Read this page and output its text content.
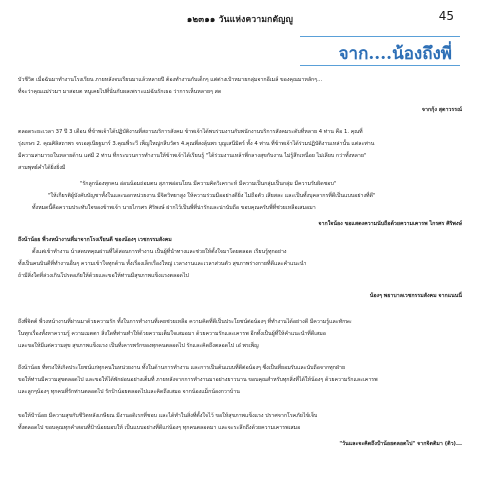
๑๒๓๑๑ วันแห่งความกตัญญู	45
จาก....น้องถึงพี่
บัวชีวิต เมื่อฉันมาทำงานโรงเรียน ภายหลังจบเรียนมาแล้วหลายปี ต้องทำงานกับเด็กๆ แต่ต่างเป้าหมายกลุ่มจากอีเมล์ ของคุณมาหลักๆ...
ที่จะว่าคุณแม่ร่วมฯ มาสอบต หนูเคยไปที่นั่นกับผลเพราะแม่ฉันรักเธอ ว่าการเห็นหลายๆ สด
จากกุ้ง สุดาวรรณ์
ตลอดระยะเวลา 37 ปี 3 เดือน ที่ข้าพเจ้าได้ปฏิบัติงานที่สถานบริการสังคม ข้าพเจ้าได้พบร่วมงานกับพนักงานบริการสังคมระดับที่หลาย 4 ท่าน คือ 1. คุณที่
รุ่งเกษร 2. คุณศิลิสถาพร จรเอสุเนียฐมาร์ 3.คุณพี่ระวี เพ็ญใหญ่กลีบวัตร 4.คุณพี่สงลุ้นพร บุญเสนีมิตร์ ทั้ง 4 ท่าน ที่ข้าพเจ้าได้ร่วมปฏิบัติงานเหล่านั้น แต่ละท่าน
มีความสามารถในหลายด้าน แต่มี 2 ท่าน ที่กระบวนการทำงานให้ข้าพเจ้าได้เรียนรู้ "ได้ร่วมงานเหล้าพี่กลางสุขกับงาน ไม่รู้สึกเหนื่อย ไม่เลียบ กว่าทั้งหลาย"
สามพุทธ์คำได้ยิ่งยิ่งมี
"รักลูกน้องทุกคน อ่อนน้อมถ่อมตน สุภาพอ่อนโยน มีความคิดวิเคราะห์ มีความเป็นกลุ่มเป็นกลุ่ม มีความรับผิดชอบ"
"ให้เกียรติผู้บังคับบัญชาทั้งในและนอกหน่วยงาน มีจิตวิทยาสูง ให้ความร่วมมืออย่างดียิ่ง ไม่ถือตัว เสียสละ และเป็นทั้งบุคลากรที่ดีเป็นแบบอย่างที่ดี"
ทั้งหมดนี้คือความประทับใจของข้าพเจ้า นายไกรศร ศิริพงษ์ ฝากไว้เป็นพี่ที่น่ารักและน่านับถือ ขอบคุณครับพี่ที่ช่วยเหลือเสมอมา
จากใจน้อง ขอแสดงความนับถือด้วยความเคารพ ไกรศร ศิริพงษ์
ถึงน้าน้อย พี่วงหน้างานที่มาจากโรงเรียนดี ของน้องๆ เวชกรรมสังคม
ตั้งแต่เข้าทำงาน น้าสดบทคุณผ่านที่ได้สอนการทำงาน เป็นผู้ที่นำทางและช่วยให้ตั้งใจมาโดยตลอด เรียนรู้ทุกอย่าง
ทั้งเป็นคนบินดีที่ทำงานอื่นๆ ความเข้าใจทุกด้าน ทั้งเรื่องเล็กเรื่องใหญ่ เวลางานและเวลาส่วนตัว สุขภาพร่างกายที่ดีและคำแนะนำ
ถ้ามีสิ่งใดที่ล่วงเกินโปรดอภัยให้ด้วยและขอให้ท่านมีสุขภาพแข็งแรงตลอดไป
น้องๆ พยาบาลเวชกรรมสังคม จากแนนนี่
ถึงพี่จิตต์ พี่วงหน้างานที่ผ่านมาด้วยความรัก ทั้งในการทำงานที่เคยช่วยเหลือ ความคิดที่ดีเป็นประโยชน์ต่อน้องๆ ที่ทำงานได้อย่างดี มีความรู้และทักษะ
ในทุกเรื่องทั้งหาความรู้ ความเมตตา สิ่งใดที่ท่านทำให้ด้วยความเต็มใจเสมอมา ด้วยความรักและเคารพ อีกทั้งเป็นผู้ที่ให้คำแนะนำที่ดีเสมอ
และขอให้มีแต่ความสุข สุขภาพแข็งแรง เป็นที่เคารพรักของทุกคนตลอดไป รักและคิดถึงตลอดไป เอ๋ พรเพ็ญ
ถึงน้าน้อย ที่ทรงให้เกิดประโยชน์แก่ทุกคนในหน่วยงาน ทั้งในด้านการทำงาน และการเป็นต้นแบบที่ดีต่อน้องๆ ซึ่งเป็นที่ยอมรับและนับถือจากทุกฝ่าย
ขอให้ท่านมีความสุขตลอดไป และขอให้ได้พักผ่อนอย่างเต็มที่ ภายหลังจากการทำงานมาอย่างยาวนาน ขอบคุณสำหรับทุกสิ่งที่ได้ให้น้องๆ ด้วยความรักและเคารพ
และลูกๆน้องๆ ทุกคนที่รักท่านตลอดไป รักป้าน้อยตลอดไปและคิดถึงเสมอ จากน้องแม็กน้องกวาบ้าน
ขอให้ป้าน้อย มีความสุขกับชีวิตหลังเกษียณ มีงานอดิเรกที่ชอบ และได้ทำในสิ่งที่ตั้งใจไว้ ขอให้สุขภาพแข็งแรง ปราศจากโรคภัยไข้เจ็บ
ทั้งตลอดไป ขอบคุณทุกคำสอนที่ป้าน้อยมอบให้ เป็นแบบอย่างที่ดีแก่น้องๆ ทุกคนตลอดมา และจะระลึกถึงด้วยความเคารพเสมอ
"วันและจะคิดถึงป้าน้อยตลอดไป" จากจิตติมา (ติว)...
